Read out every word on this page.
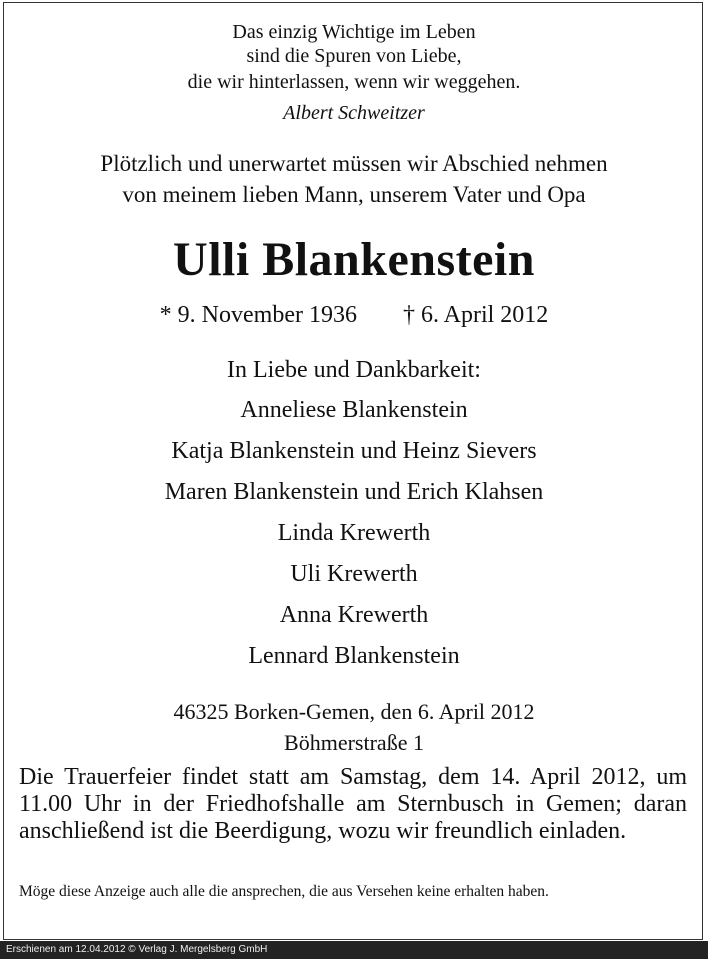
Das einzig Wichtige im Leben
sind die Spuren von Liebe,
die wir hinterlassen, wenn wir weggehen.
Albert Schweitzer
Plötzlich und unerwartet müssen wir Abschied nehmen
von meinem lieben Mann, unserem Vater und Opa
Ulli Blankenstein
* 9. November 1936 † 6. April 2012
In Liebe und Dankbarkeit:
Anneliese Blankenstein
Katja Blankenstein und Heinz Sievers
Maren Blankenstein und Erich Klahsen
Linda Krewerth
Uli Krewerth
Anna Krewerth
Lennard Blankenstein
46325 Borken-Gemen, den 6. April 2012
Böhmerstraße 1
Die Trauerfeier findet statt am Samstag, dem 14. April 2012, um 11.00 Uhr in der Friedhofshalle am Sternbusch in Gemen; daran anschließend ist die Beerdigung, wozu wir freundlich einladen.
Möge diese Anzeige auch alle die ansprechen, die aus Versehen keine erhalten haben.
Erschienen am 12.04.2012 © Verlag J. Mergelsberg GmbH
